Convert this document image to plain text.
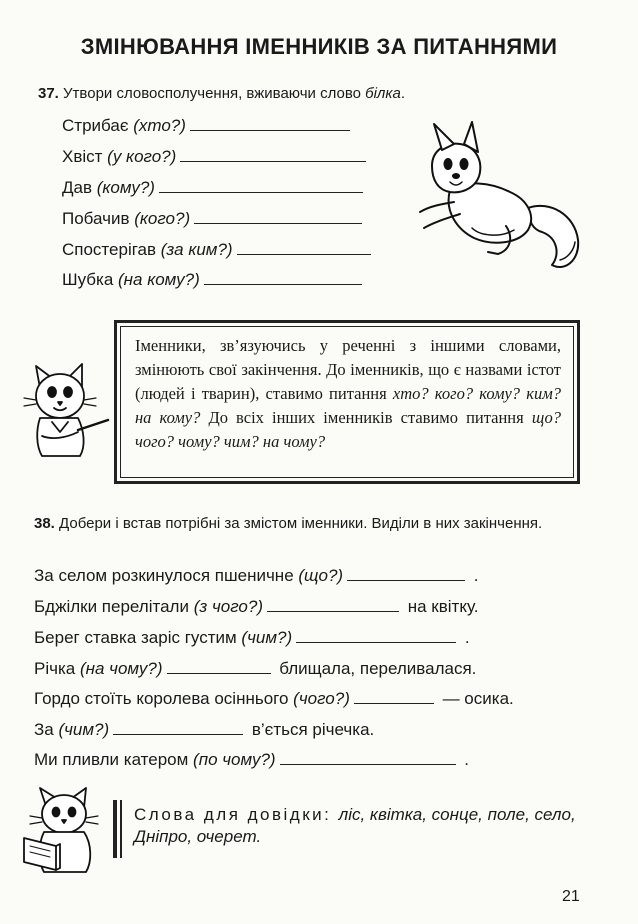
ЗМІНЮВАННЯ ІМЕННИКІВ ЗА ПИТАННЯМИ
37. Утвори словосполучення, вживаючи слово білка.
Стрибає (хто?)
Хвіст (у кого?)
Дав (кому?)
Побачив (кого?)
Спостерігав (за ким?)
Шубка (на кому?)
Іменники, зв’язуючись у реченні з іншими словами, змінюють свої закінчення. До іменників, що є назвами істот (людей і тварин), ставимо питання хто? кого? кому? ким? на кому? До всіх інших іменників ставимо питання що? чого? чому? чим? на чому?
38. Добери і встав потрібні за змістом іменники. Виділи в них закінчення.
За селом розкинулося пшеничне (що?)	.
Бджілки перелітали (з чого?)	на квітку.
Берег ставка заріс густим (чим?)	.
Річка (на чому?)	блищала, переливалася.
Гордо стоїть королева осіннього (чого?)	— осика.
За (чим?)	в’ється річечка.
Ми пливли катером (по чому?)	.
Слова для довідки: ліс, квітка, сонце, поле, село, Дніпро, очерет.
21
